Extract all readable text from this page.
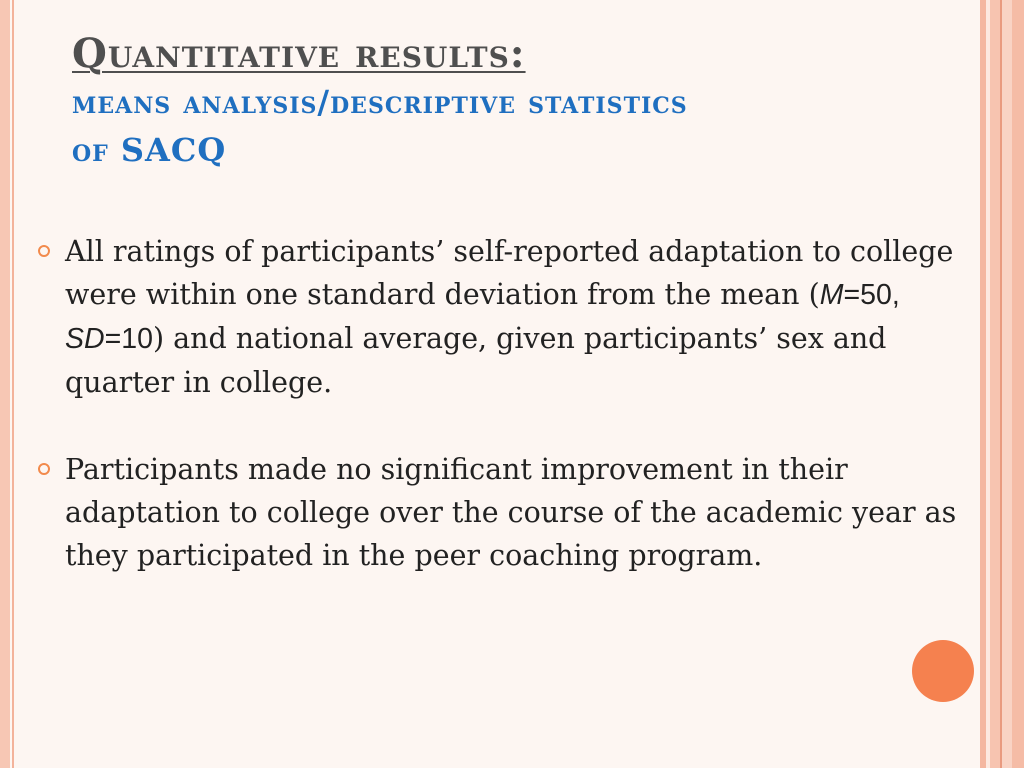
Quantitative results:
means analysis/descriptive statistics of SACQ
All ratings of participants’ self-reported adaptation to college were within one standard deviation from the mean (M=50, SD=10) and national average, given participants’ sex and quarter in college.
Participants made no significant improvement in their adaptation to college over the course of the academic year as they participated in the peer coaching program.
